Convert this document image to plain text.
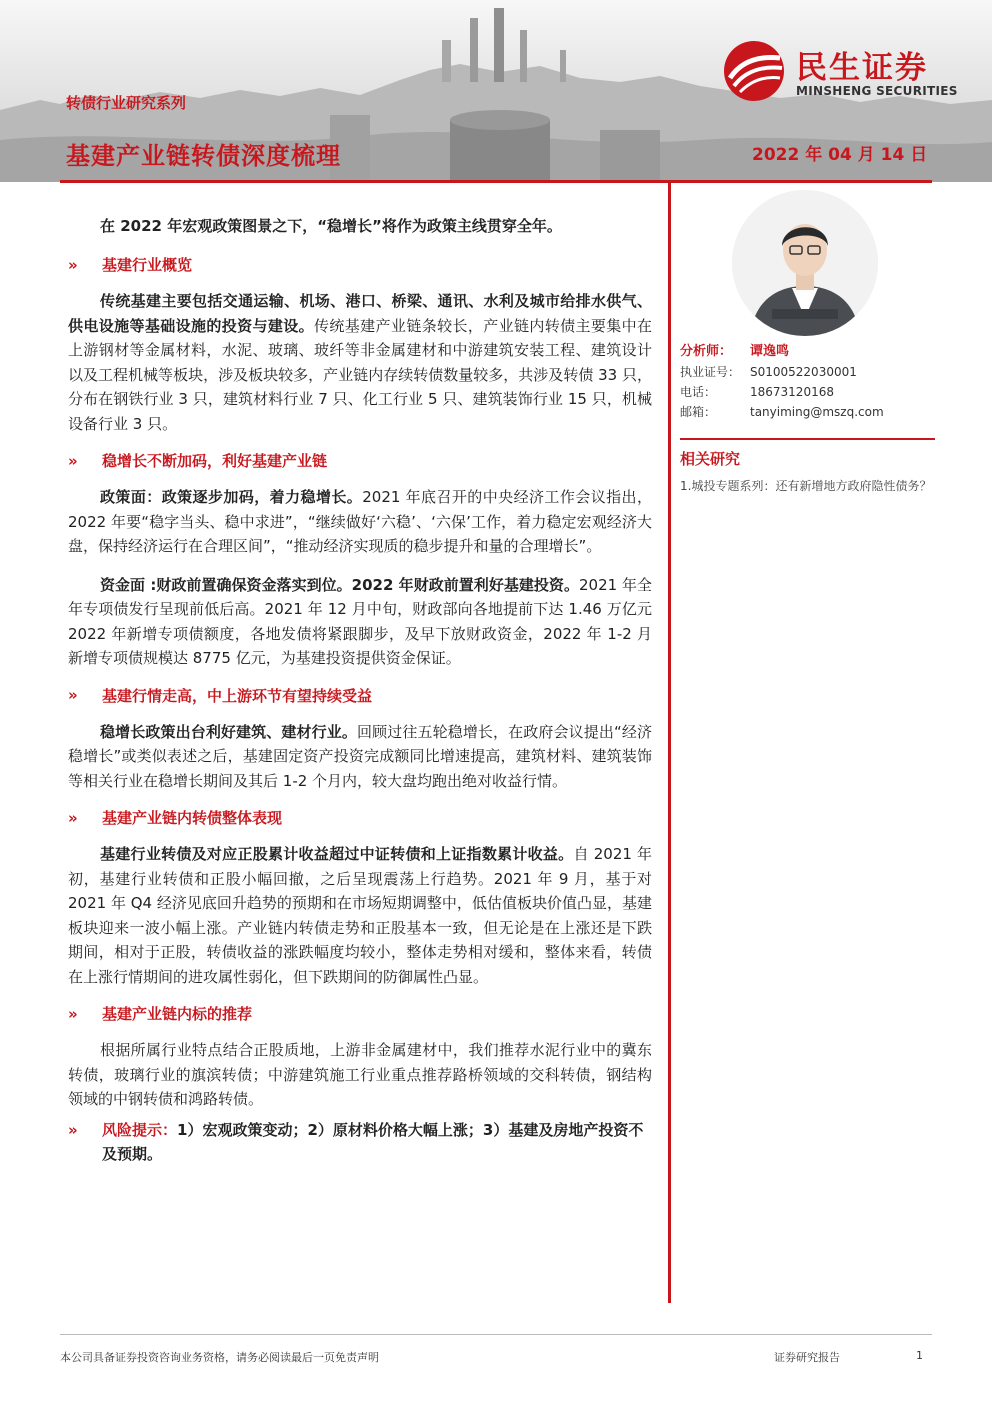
民生证券
MINSHENG SECURITIES
转债行业研究系列
基建产业链转债深度梳理	2022 年 04 月 14 日

在 2022 年宏观政策图景之下，“稳增长”将作为政策主线贯穿全年。

»	基建行业概览

传统基建主要包括交通运输、机场、港口、桥梁、通讯、水利及城市给排水供气、供电设施等基础设施的投资与建设。传统基建产业链条较长，产业链内转债主要集中在上游钢材等金属材料，水泥、玻璃、玻纤等非金属建材和中游建筑安装工程、建筑设计以及工程机械等板块，涉及板块较多，产业链内存续转债数量较多，共涉及转债 33 只，分布在钢铁行业 3 只，建筑材料行业 7 只、化工行业 5 只、建筑装饰行业 15 只，机械设备行业 3 只。

»	稳增长不断加码，利好基建产业链

政策面：政策逐步加码，着力稳增长。2021 年底召开的中央经济工作会议指出，2022 年要“稳字当头、稳中求进”，“继续做好‘六稳’、‘六保’工作，着力稳定宏观经济大盘，保持经济运行在合理区间”，“推动经济实现质的稳步提升和量的合理增长”。

资金面 :财政前置确保资金落实到位。2022 年财政前置利好基建投资。2021 年全年专项债发行呈现前低后高。2021 年 12 月中旬，财政部向各地提前下达 1.46 万亿元 2022 年新增专项债额度，各地发债将紧跟脚步，及早下放财政资金，2022 年 1-2 月新增专项债规模达 8775 亿元，为基建投资提供资金保证。

»	基建行情走高，中上游环节有望持续受益

稳增长政策出台利好建筑、建材行业。回顾过往五轮稳增长，在政府会议提出“经济稳增长”或类似表述之后，基建固定资产投资完成额同比增速提高，建筑材料、建筑装饰等相关行业在稳增长期间及其后 1-2 个月内，较大盘均跑出绝对收益行情。

»	基建产业链内转债整体表现

基建行业转债及对应正股累计收益超过中证转债和上证指数累计收益。自 2021 年初，基建行业转债和正股小幅回撤，之后呈现震荡上行趋势。2021 年 9 月，基于对 2021 年 Q4 经济见底回升趋势的预期和在市场短期调整中，低估值板块价值凸显，基建板块迎来一波小幅上涨。产业链内转债走势和正股基本一致，但无论是在上涨还是下跌期间，相对于正股，转债收益的涨跌幅度均较小，整体走势相对缓和，整体来看，转债在上涨行情期间的进攻属性弱化，但下跌期间的防御属性凸显。

»	基建产业链内标的推荐

根据所属行业特点结合正股质地，上游非金属建材中，我们推荐水泥行业中的冀东转债，玻璃行业的旗滨转债；中游建筑施工行业重点推荐路桥领域的交科转债，钢结构领域的中钢转债和鸿路转债。

»	风险提示：1）宏观政策变动；2）原材料价格大幅上涨；3）基建及房地产投资不及预期。
分析师：	谭逸鸣
执业证号： S0100522030001
电话：	18673120168
邮箱：	tanyiming@mszq.com
相关研究
1.城投专题系列：还有新增地方政府隐性债务？
本公司具备证券投资咨询业务资格，请务必阅读最后一页免责声明	证券研究报告	1
